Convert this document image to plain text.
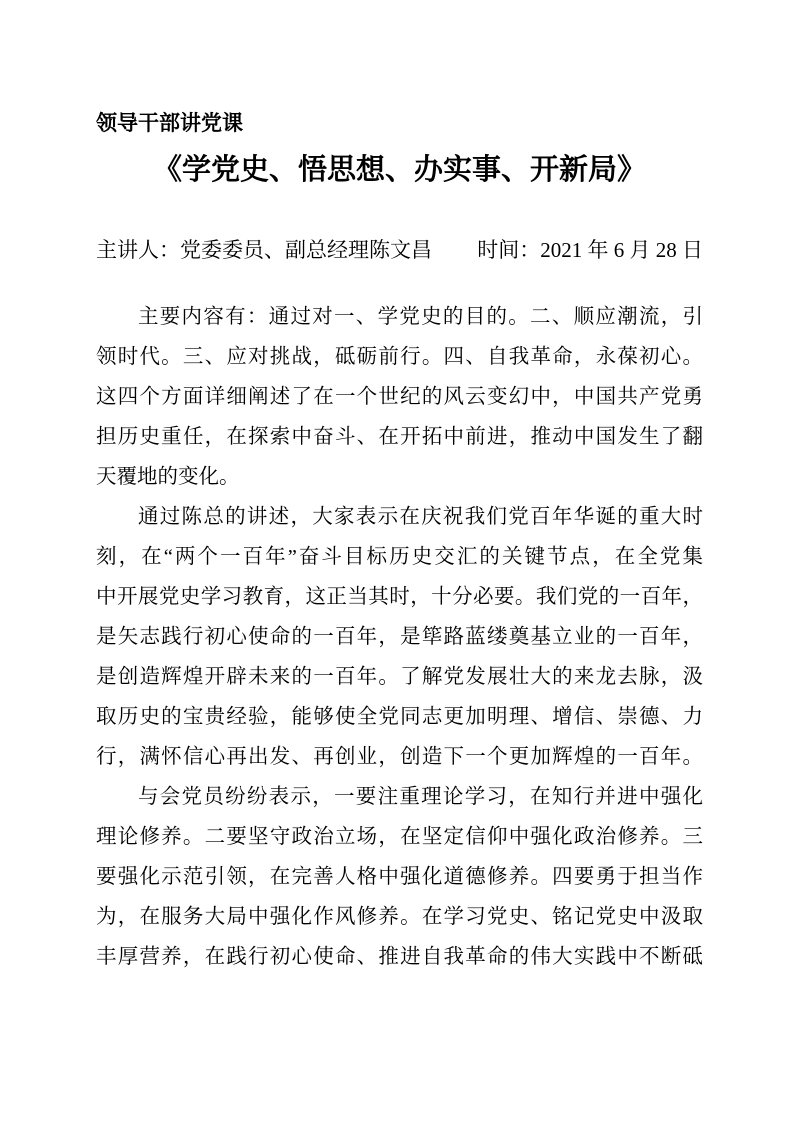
领导干部讲党课
《学党史、悟思想、办实事、开新局》
主讲人：党委委员、副总经理陈文昌 时间：2021 年 6 月 28 日
主要内容有：通过对一、学党史的目的。二、顺应潮流，引
领时代。三、应对挑战，砥砺前行。四、自我革命，永葆初心。
这四个方面详细阐述了在一个世纪的风云变幻中，中国共产党勇
担历史重任，在探索中奋斗、在开拓中前进，推动中国发生了翻
天覆地的变化。
通过陈总的讲述，大家表示在庆祝我们党百年华诞的重大时
刻，在“两个一百年”奋斗目标历史交汇的关键节点，在全党集
中开展党史学习教育，这正当其时，十分必要。我们党的一百年，
是矢志践行初心使命的一百年，是筚路蓝缕奠基立业的一百年，
是创造辉煌开辟未来的一百年。了解党发展壮大的来龙去脉，汲
取历史的宝贵经验，能够使全党同志更加明理、增信、崇德、力
行，满怀信心再出发、再创业，创造下一个更加辉煌的一百年。
与会党员纷纷表示，一要注重理论学习，在知行并进中强化
理论修养。二要坚守政治立场，在坚定信仰中强化政治修养。三
要强化示范引领，在完善人格中强化道德修养。四要勇于担当作
为，在服务大局中强化作风修养。在学习党史、铭记党史中汲取
丰厚营养，在践行初心使命、推进自我革命的伟大实践中不断砥
